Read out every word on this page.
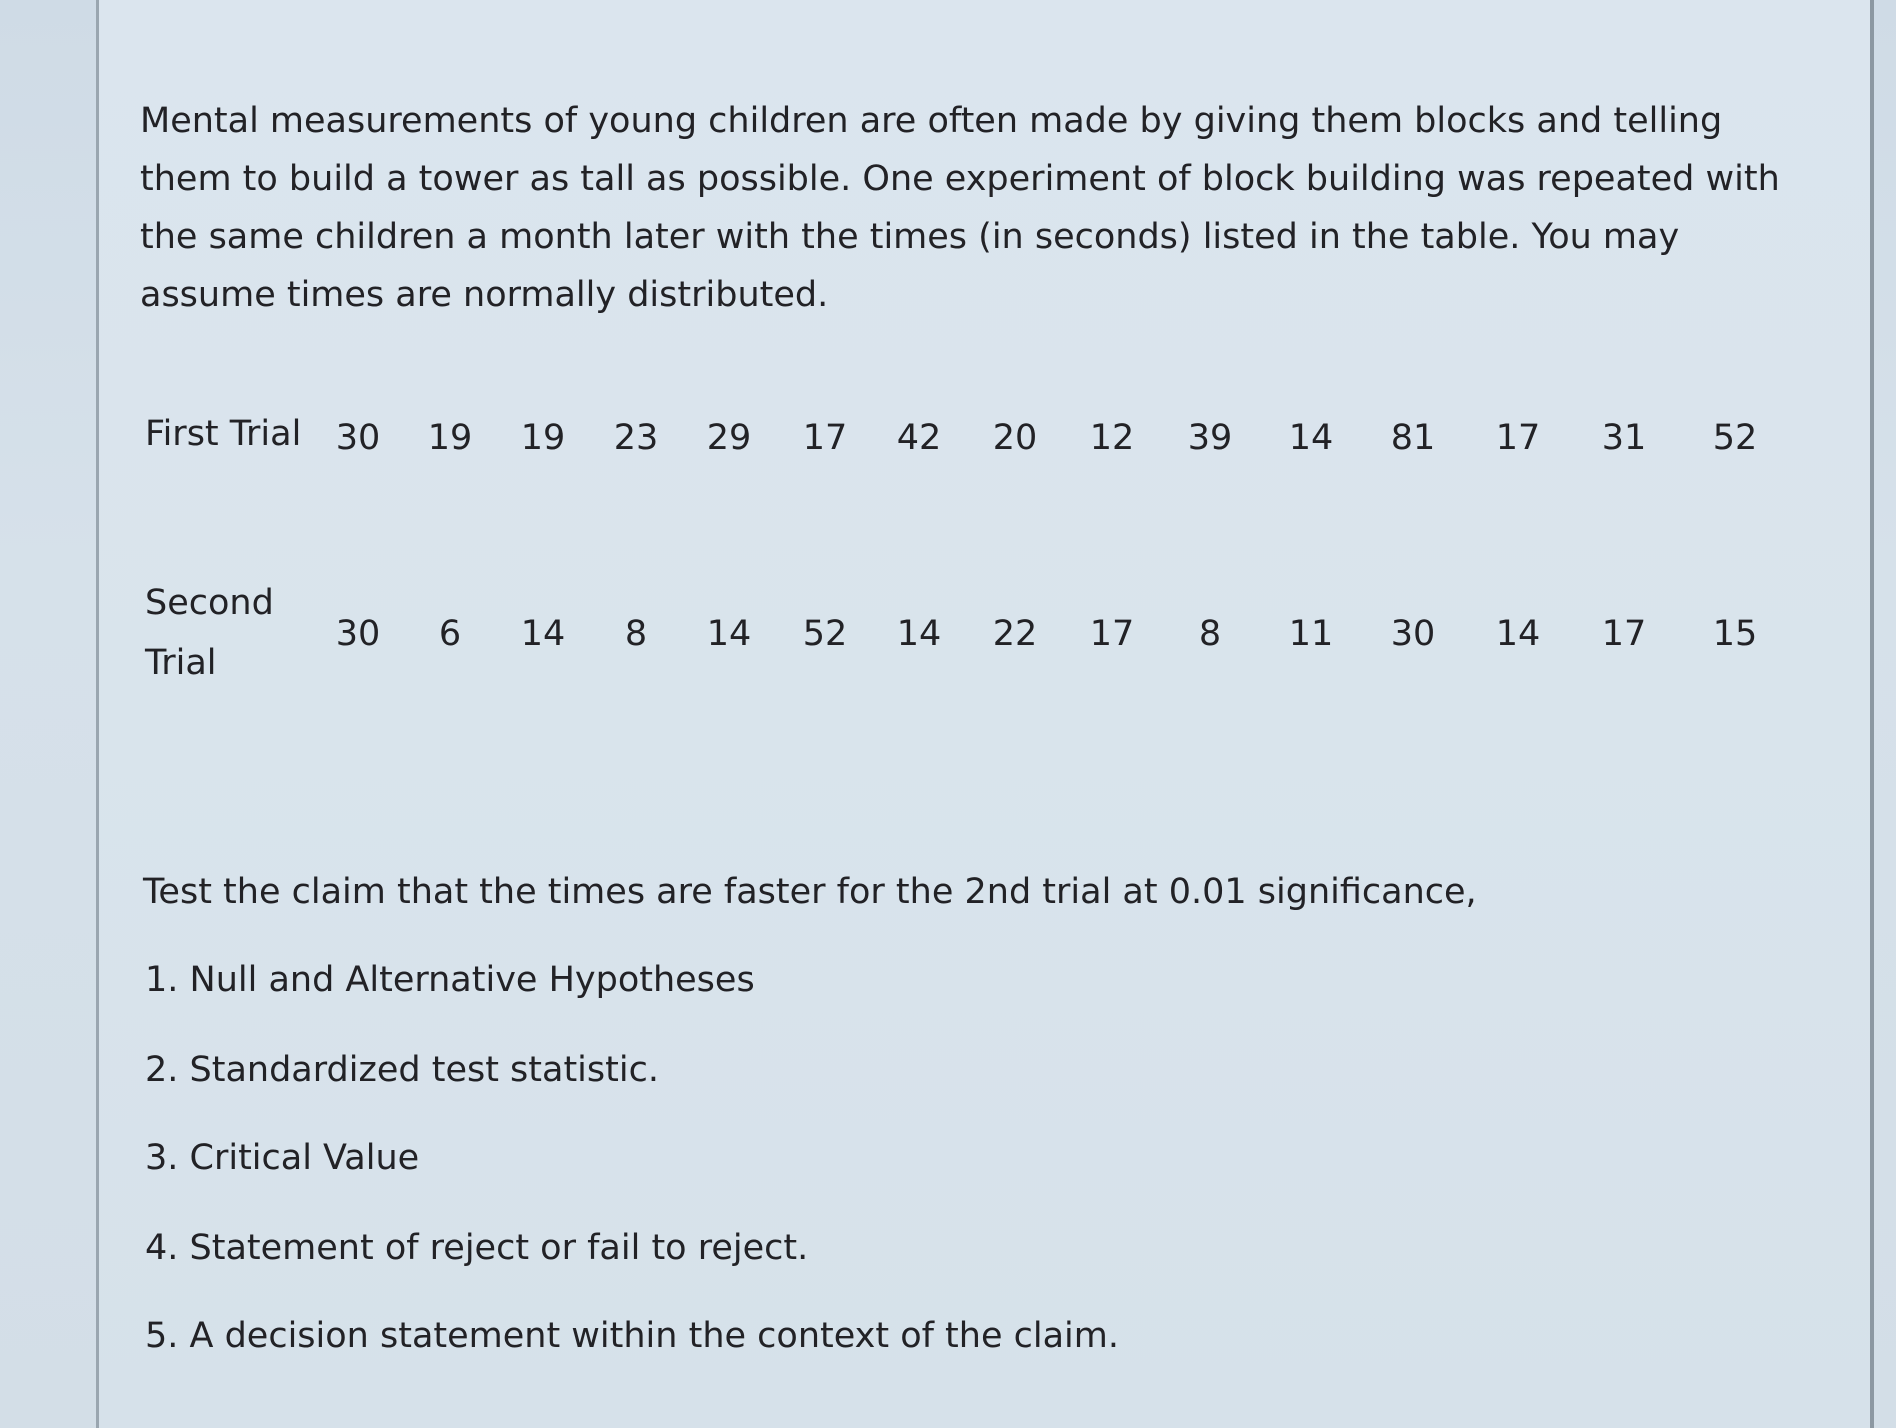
Mental measurements of young children are often made by giving them blocks and telling them to build a tower as tall as possible. One experiment of block building was repeated with the same children a month later with the times (in seconds) listed in the table. You may assume times are normally distributed.

First Trial 30 19 19 23 29 17 42 20 12 39 14 81 17 31 52
Second
Trial
30 6 14 8 14 52 14 22 17 8 11 30 14 17 15
Test the claim that the times are faster for the 2nd trial at 0.01 significance,
1. Null and Alternative Hypotheses
2. Standardized test statistic.
3. Critical Value
4. Statement of reject or fail to reject.
5. A decision statement within the context of the claim.
